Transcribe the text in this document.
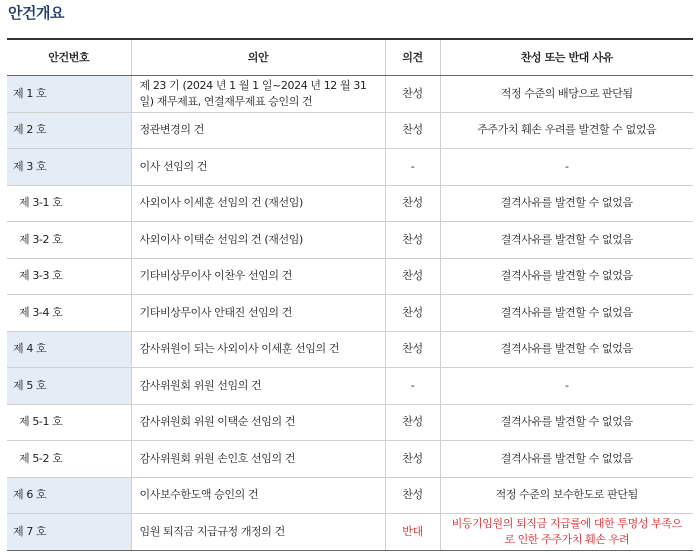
안건개요
안건번호	의안	의견	찬성 또는 반대 사유
제 1 호	제 23 기 (2024 년 1 월 1 일~2024 년 12 월 31 일) 재무제표, 연결재무제표 승인의 건	찬성	적정 수준의 배당으로 판단됨
제 2 호	정관변경의 건	찬성	주주가치 훼손 우려를 발견할 수 없었음
제 3 호	이사 선임의 건	-	-
제 3-1 호	사외이사 이세훈 선임의 건 (재선임)	찬성	결격사유를 발견할 수 없었음
제 3-2 호	사외이사 이택순 선임의 건 (재선임)	찬성	결격사유를 발견할 수 없었음
제 3-3 호	기타비상무이사 이찬우 선임의 건	찬성	결격사유를 발견할 수 없었음
제 3-4 호	기타비상무이사 안태진 선임의 건	찬성	결격사유를 발견할 수 없었음
제 4 호	감사위원이 되는 사외이사 이세훈 선임의 건	찬성	결격사유를 발견할 수 없었음
제 5 호	감사위원회 위원 선임의 건	-	-
제 5-1 호	감사위원회 위원 이택순 선임의 건	찬성	결격사유를 발견할 수 없었음
제 5-2 호	감사위원회 위원 손인호 선임의 건	찬성	결격사유를 발견할 수 없었음
제 6 호	이사보수한도액 승인의 건	찬성	적정 수준의 보수한도로 판단됨
제 7 호	임원 퇴직금 지급규정 개정의 건	반대	비등기임원의 퇴직금 지급률에 대한 투명성 부족으로 인한 주주가치 훼손 우려
